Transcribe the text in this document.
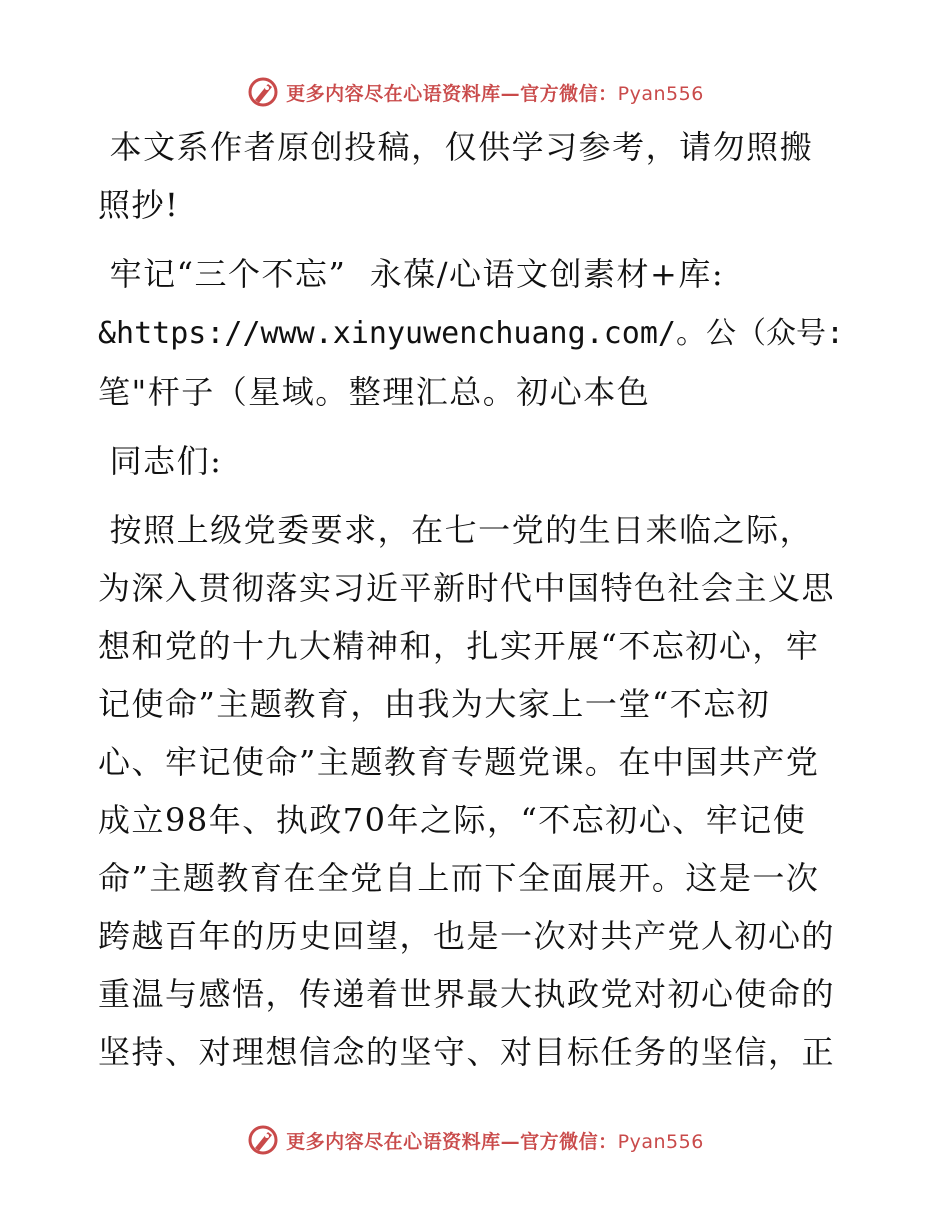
更多内容尽在心语资料库—官方微信：Pyan556

本文系作者原创投稿，仅供学习参考，请勿照搬
照抄!

牢记“三个不忘”  永葆/心语文创素材+库:
&https://www.xinyuwenchuang.com/。公（众号:
笔"杆子（星域。整理汇总。初心本色

同志们:

按照上级党委要求，在七一党的生日来临之际，
为深入贯彻落实习近平新时代中国特色社会主义思
想和党的十九大精神和，扎实开展“不忘初心，牢
记使命”主题教育，由我为大家上一堂“不忘初
心、牢记使命”主题教育专题党课。在中国共产党
成立98年、执政70年之际，“不忘初心、牢记使
命”主题教育在全党自上而下全面展开。这是一次
跨越百年的历史回望，也是一次对共产党人初心的
重温与感悟，传递着世界最大执政党对初心使命的
坚持、对理想信念的坚守、对目标任务的坚信，正

更多内容尽在心语资料库—官方微信：Pyan556
